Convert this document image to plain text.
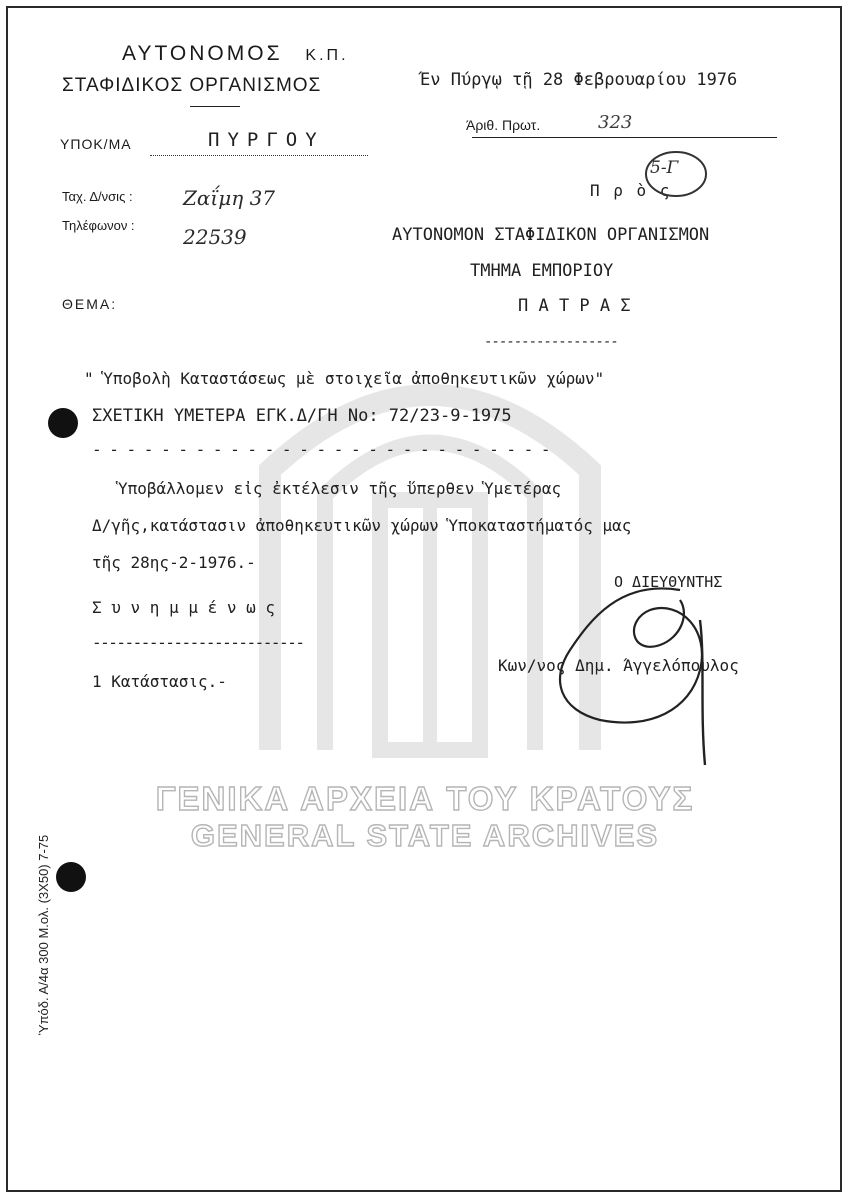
ΓΕΝΙΚΑ ΑΡΧΕΙΑ ΤΟΥ ΚΡΑΤΟΥΣ
GENERAL STATE ARCHIVES
ΑΥΤΟΝΟΜΟΣ Κ.Π.
ΣΤΑΦΙΔΙΚΟΣ ΟΡΓΑΝΙΣΜΟΣ
ΥΠΟΚ/ΜΑ	ΠΥΡΓΟΥ
Ταχ. Δ/νσις :	Ζαΐμη 37
Τηλέφωνον : 22539
ΘΕΜΑ:
Έν Πύργῳ τῇ 28 Φεβρουαρίου 1976
Άριθ. Πρωτ.	323
Π ρ ὸ ς
5-Γ
ΑΥΤΟΝΟΜΟΝ ΣΤΑΦΙΔΙΚΟΝ ΟΡΓΑΝΙΣΜΟΝ
ΤΜΗΜΑ ΕΜΠΟΡΙΟΥ
Π Α Τ Ρ Α Σ
------------------
" Ὑποβολὴ Καταστάσεως μὲ στοιχεῖα ἀποθηκευτικῶν χώρων"
ΣΧΕΤΙΚΗ ΥΜΕΤΕΡΑ ΕΓΚ.Δ/ΓΗ Νο: 72/23-9-1975
- - - - - - - - - - - - - - - - - - - - - - - - - - -
Ὑποβάλλομεν εἰς ἐκτέλεσιν τῆς ὕπερθεν Ὑμετέρας
Δ/γῆς,κατάστασιν ἀποθηκευτικῶν χώρων Ὑποκαταστήματός μας
τῆς 28ης-2-1976.-
Ο ΔΙΕΥΘΥΝΤΗΣ
Κων/νος Δημ. Άγγελόπουλος
Σ υ ν η μ μ έ ν ω ς
--------------------------
1 Κατάστασις.-
Ὑπόδ. Α/4α 300 Μ.ολ. (3Χ50) 7-75
